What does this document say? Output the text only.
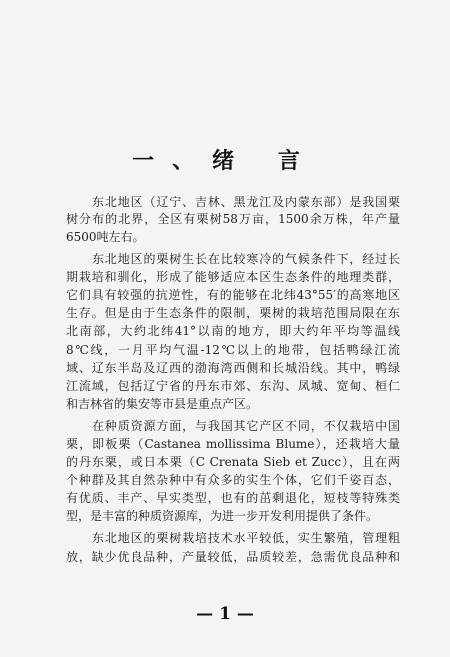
一、绪 言
东北地区（辽宁、吉林、黑龙江及内蒙东部）是我国栗
树分布的北界，全区有栗树58万亩，1500余万株，年产量
6500吨左右。
东北地区的栗树生长在比较寒冷的气候条件下，经过长
期栽培和驯化，形成了能够适应本区生态条件的地理类群，
它们具有较强的抗逆性，有的能够在北纬43°55′的高寒地区
生存。但是由于生态条件的限制，栗树的栽培范围局限在东
北南部，大约北纬41°以南的地方，即大约年平均等温线
8℃线，一月平均气温-12℃以上的地带，包括鸭绿江流
域、辽东半岛及辽西的渤海湾西侧和长城沿线。其中，鸭绿
江流域，包括辽宁省的丹东市郊、东沟、凤城、宽甸、桓仁
和吉林省的集安等市县是重点产区。
在种质资源方面，与我国其它产区不同，不仅栽培中国
栗，即板栗（Castanea mollissima Blume），还栽培大量
的丹东栗，或日本栗（C Crenata Sieb et Zucc），且在两
个种群及其自然杂种中有众多的实生个体，它们千姿百态，
有优质、丰产、早实类型，也有的茁剩退化，短枝等特殊类
型，是丰富的种质资源库，为进一步开发利用提供了条件。
东北地区的栗树栽培技术水平较低，实生繁殖，管理粗
放，缺少优良品种，产量较低，品质较差，急需优良品种和
— 1 —
